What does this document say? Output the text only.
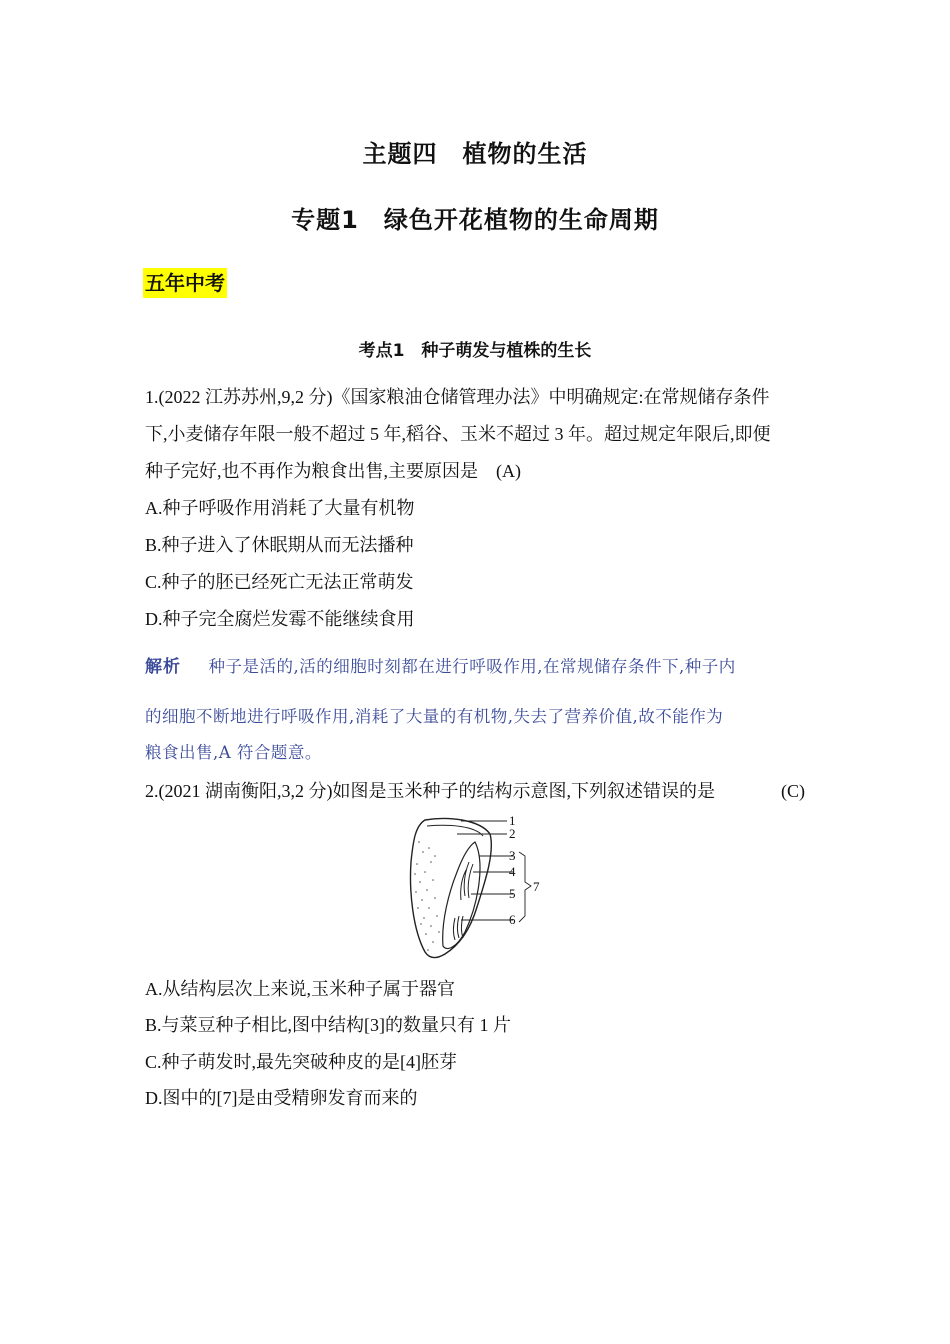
主题四　植物的生活
专题1　绿色开花植物的生命周期
五年中考
考点1　种子萌发与植株的生长
1.(2022 江苏苏州,9,2 分)《国家粮油仓储管理办法》中明确规定:在常规储存条件
下,小麦储存年限一般不超过 5 年,稻谷、玉米不超过 3 年。超过规定年限后,即便
种子完好,也不再作为粮食出售,主要原因是　(A)
A.种子呼吸作用消耗了大量有机物
B.种子进入了休眠期从而无法播种
C.种子的胚已经死亡无法正常萌发
D.种子完全腐烂发霉不能继续食用
解析 种子是活的,活的细胞时刻都在进行呼吸作用,在常规储存条件下,种子内
的细胞不断地进行呼吸作用,消耗了大量的有机物,失去了营养价值,故不能作为
粮食出售,A 符合题意。
2.(2021 湖南衡阳,3,2 分)如图是玉米种子的结构示意图,下列叙述错误的是	(C)
1
2
3
4
5
6
7
A.从结构层次上来说,玉米种子属于器官
B.与菜豆种子相比,图中结构[3]的数量只有 1 片
C.种子萌发时,最先突破种皮的是[4]胚芽
D.图中的[7]是由受精卵发育而来的
